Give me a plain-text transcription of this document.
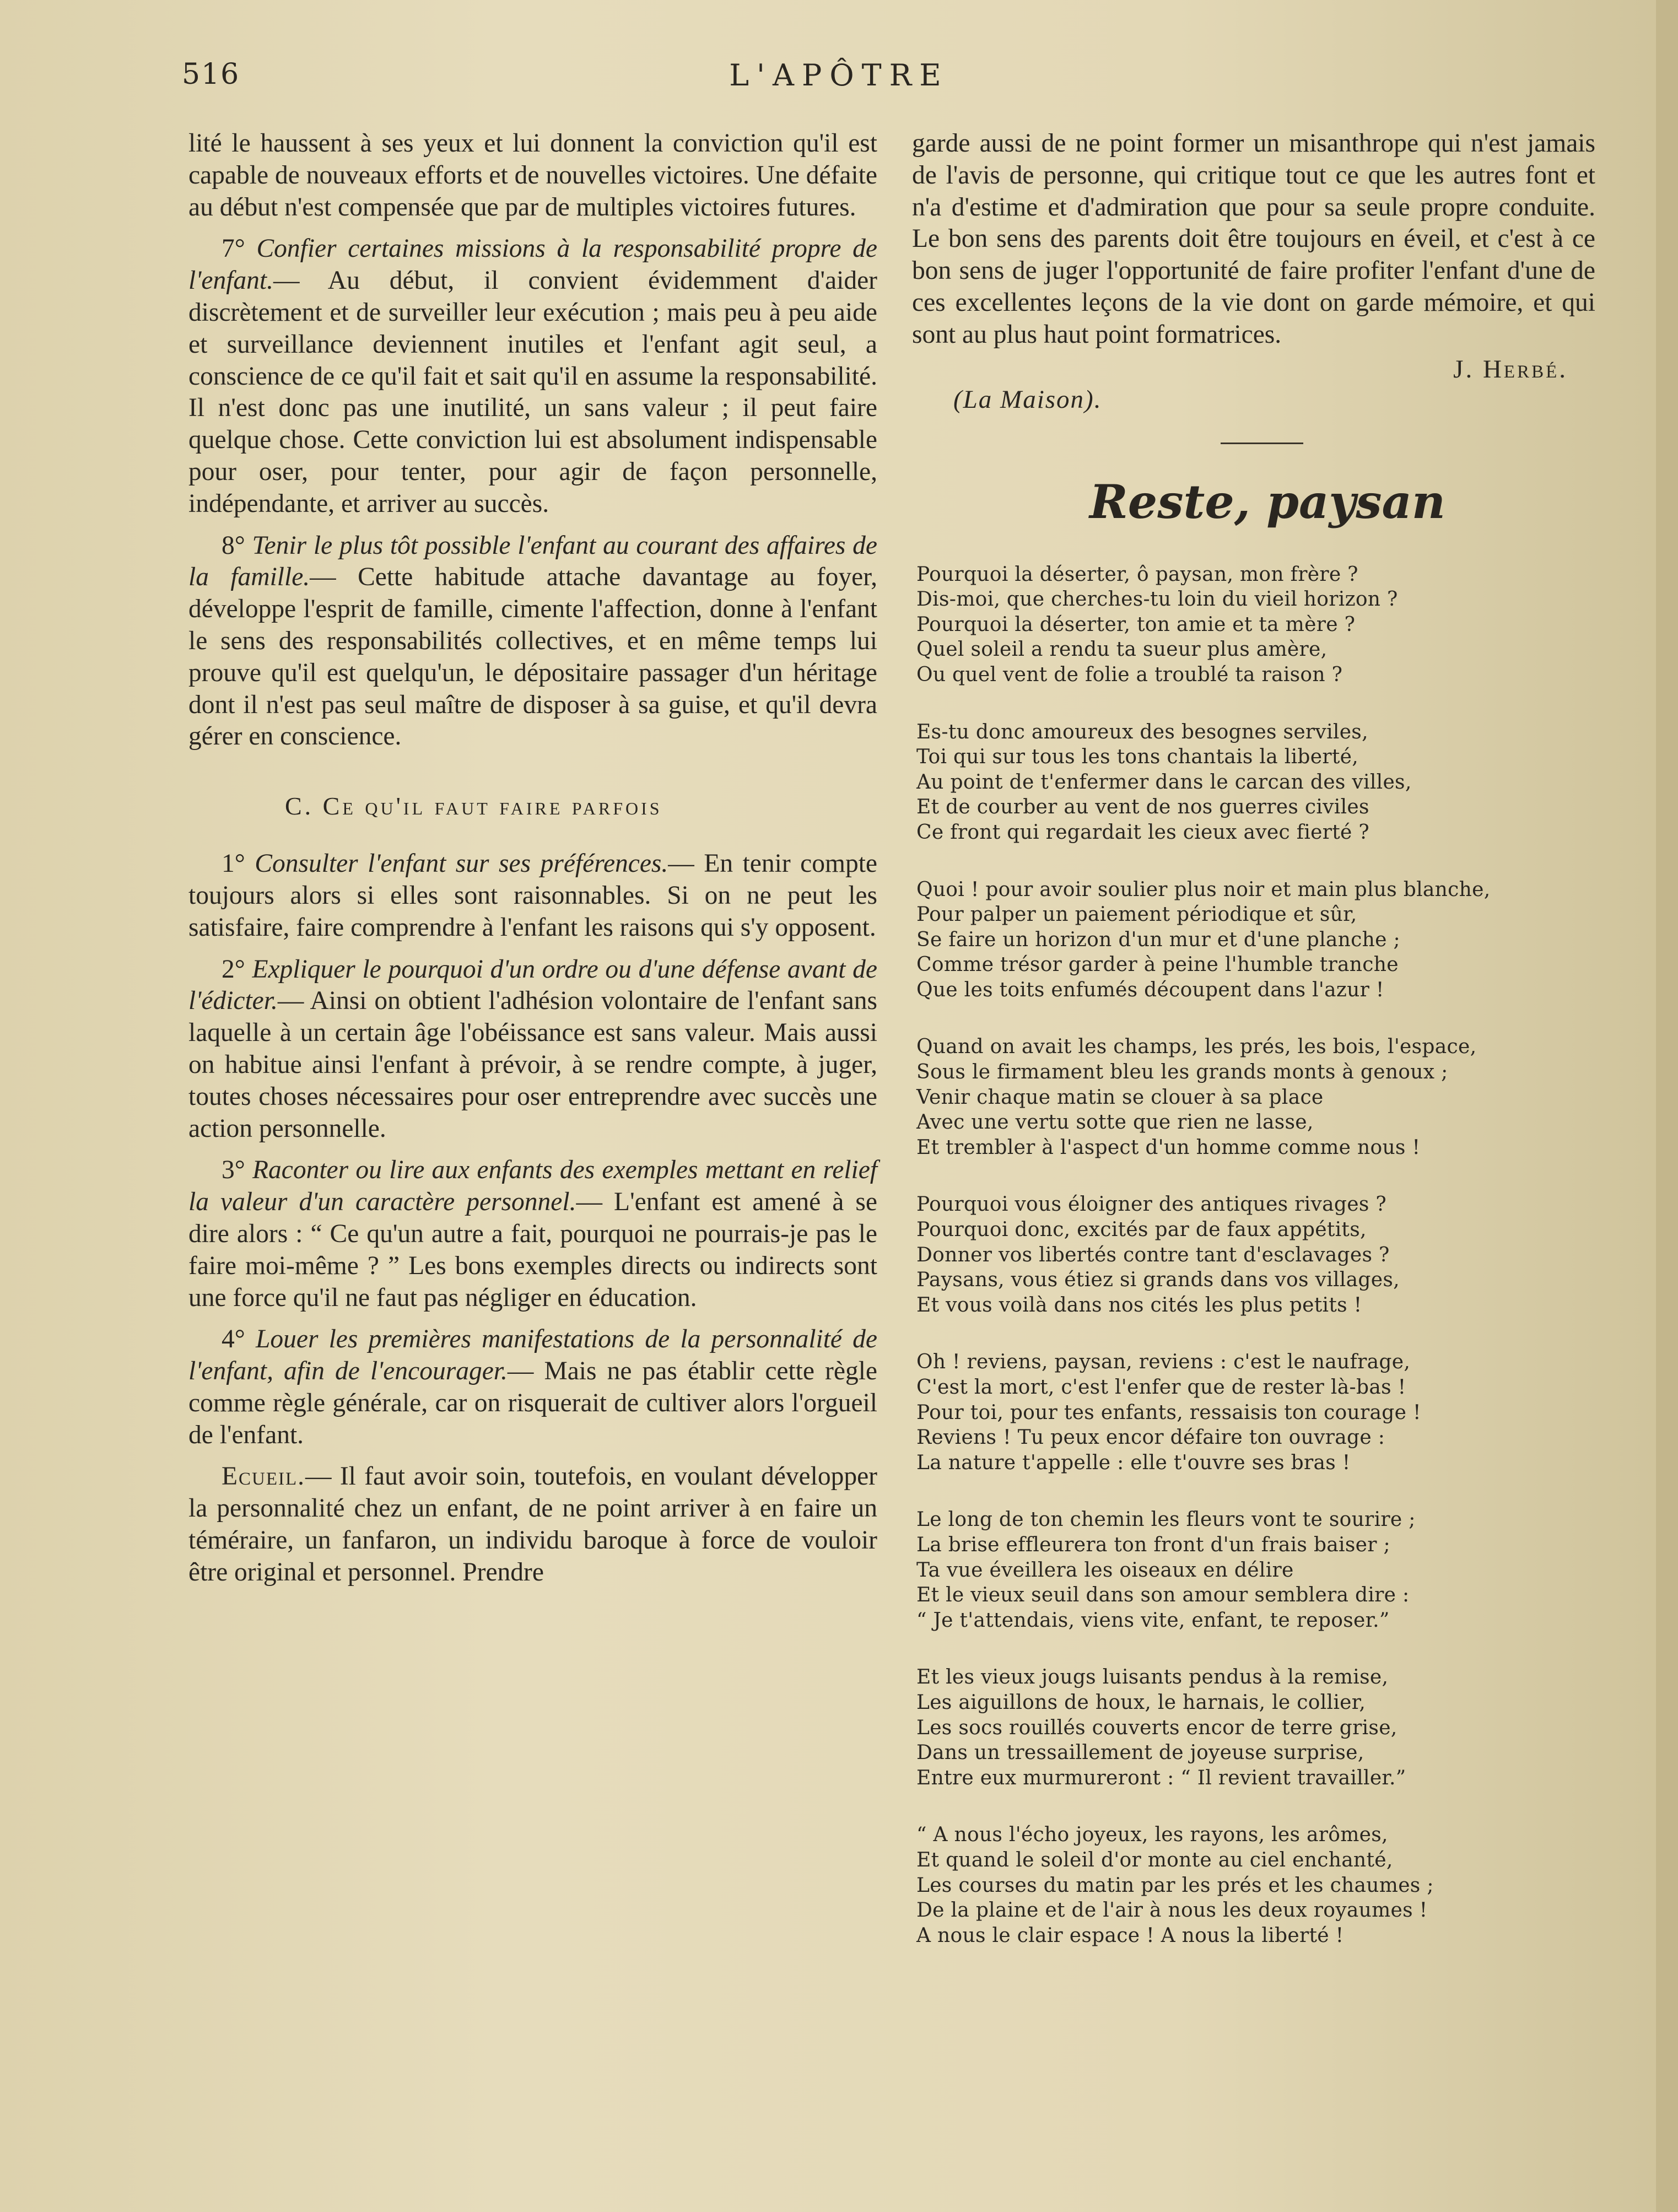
516	L'APÔTRE

lité le haussent à ses yeux et lui donnent la conviction qu'il est capable de nouveaux efforts et de nouvelles victoires. Une défaite au début n'est compensée que par de multiples victoires futures.

7° Confier certaines missions à la responsabilité propre de l'enfant.— Au début, il convient évidemment d'aider discrètement et de surveiller leur exécution ; mais peu à peu aide et surveillance deviennent inutiles et l'enfant agit seul, a conscience de ce qu'il fait et sait qu'il en assume la responsabilité. Il n'est donc pas une inutilité, un sans valeur ; il peut faire quelque chose. Cette conviction lui est absolument indispensable pour oser, pour tenter, pour agir de façon personnelle, indépendante, et arriver au succès.

8° Tenir le plus tôt possible l'enfant au courant des affaires de la famille.— Cette habitude attache davantage au foyer, développe l'esprit de famille, cimente l'affection, donne à l'enfant le sens des responsabilités collectives, et en même temps lui prouve qu'il est quelqu'un, le dépositaire passager d'un héritage dont il n'est pas seul maître de disposer à sa guise, et qu'il devra gérer en conscience.

C. Ce qu'il faut faire parfois

1° Consulter l'enfant sur ses préférences.— En tenir compte toujours alors si elles sont raisonnables. Si on ne peut les satisfaire, faire comprendre à l'enfant les raisons qui s'y opposent.

2° Expliquer le pourquoi d'un ordre ou d'une défense avant de l'édicter.— Ainsi on obtient l'adhésion volontaire de l'enfant sans laquelle à un certain âge l'obéissance est sans valeur. Mais aussi on habitue ainsi l'enfant à prévoir, à se rendre compte, à juger, toutes choses nécessaires pour oser entreprendre avec succès une action personnelle.

3° Raconter ou lire aux enfants des exemples mettant en relief la valeur d'un caractère personnel.— L'enfant est amené à se dire alors : “ Ce qu'un autre a fait, pourquoi ne pourrais-je pas le faire moi-même ? ” Les bons exemples directs ou indirects sont une force qu'il ne faut pas négliger en éducation.

4° Louer les premières manifestations de la personnalité de l'enfant, afin de l'encourager.— Mais ne pas établir cette règle comme règle générale, car on risquerait de cultiver alors l'orgueil de l'enfant.

Ecueil.— Il faut avoir soin, toutefois, en voulant développer la personnalité chez un enfant, de ne point arriver à en faire un téméraire, un fanfaron, un individu baroque à force de vouloir être original et personnel. Prendre

garde aussi de ne point former un misanthrope qui n'est jamais de l'avis de personne, qui critique tout ce que les autres font et n'a d'estime et d'admiration que pour sa seule propre conduite. Le bon sens des parents doit être toujours en éveil, et c'est à ce bon sens de juger l'opportunité de faire profiter l'enfant d'une de ces excellentes leçons de la vie dont on garde mémoire, et qui sont au plus haut point formatrices.

J. Herbé.
(La Maison).
Reste, paysan
Pourquoi la déserter, ô paysan, mon frère ?
Dis-moi, que cherches-tu loin du vieil horizon ?
Pourquoi la déserter, ton amie et ta mère ?
Quel soleil a rendu ta sueur plus amère,
Ou quel vent de folie a troublé ta raison ?
Es-tu donc amoureux des besognes serviles,
Toi qui sur tous les tons chantais la liberté,
Au point de t'enfermer dans le carcan des villes,
Et de courber au vent de nos guerres civiles
Ce front qui regardait les cieux avec fierté ?
Quoi ! pour avoir soulier plus noir et main plus blanche,
Pour palper un paiement périodique et sûr,
Se faire un horizon d'un mur et d'une planche ;
Comme trésor garder à peine l'humble tranche
Que les toits enfumés découpent dans l'azur !
Quand on avait les champs, les prés, les bois, l'espace,
Sous le firmament bleu les grands monts à genoux ;
Venir chaque matin se clouer à sa place
Avec une vertu sotte que rien ne lasse,
Et trembler à l'aspect d'un homme comme nous !
Pourquoi vous éloigner des antiques rivages ?
Pourquoi donc, excités par de faux appétits,
Donner vos libertés contre tant d'esclavages ?
Paysans, vous étiez si grands dans vos villages,
Et vous voilà dans nos cités les plus petits !
Oh ! reviens, paysan, reviens : c'est le naufrage,
C'est la mort, c'est l'enfer que de rester là-bas !
Pour toi, pour tes enfants, ressaisis ton courage !
Reviens ! Tu peux encor défaire ton ouvrage :
La nature t'appelle : elle t'ouvre ses bras !
Le long de ton chemin les fleurs vont te sourire ;
La brise effleurera ton front d'un frais baiser ;
Ta vue éveillera les oiseaux en délire
Et le vieux seuil dans son amour semblera dire :
“ Je t'attendais, viens vite, enfant, te reposer.”
Et les vieux jougs luisants pendus à la remise,
Les aiguillons de houx, le harnais, le collier,
Les socs rouillés couverts encor de terre grise,
Dans un tressaillement de joyeuse surprise,
Entre eux murmureront : “ Il revient travailler.”
“ A nous l'écho joyeux, les rayons, les arômes,
Et quand le soleil d'or monte au ciel enchanté,
Les courses du matin par les prés et les chaumes ;
De la plaine et de l'air à nous les deux royaumes !
A nous le clair espace ! A nous la liberté !
